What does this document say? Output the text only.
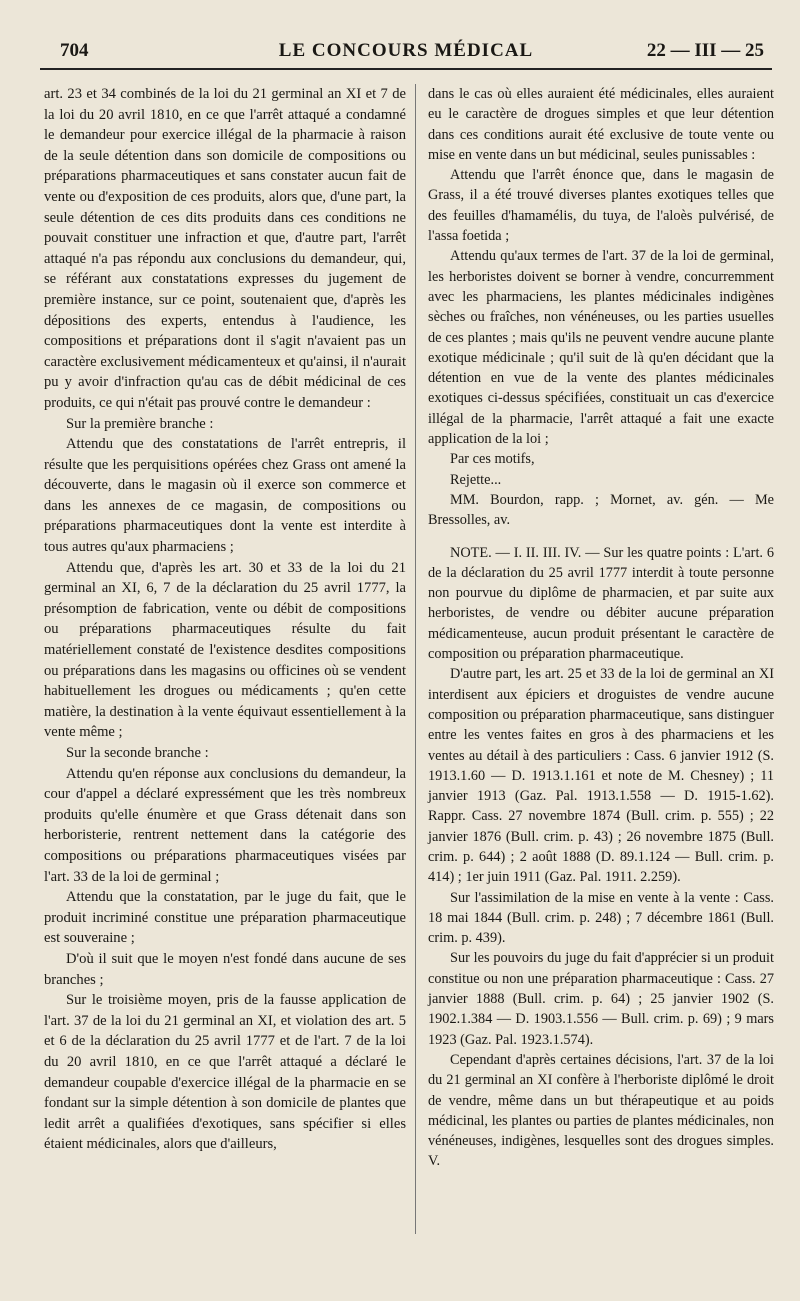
704	LE CONCOURS MÉDICAL	22 — III — 25

art. 23 et 34 combinés de la loi du 21 germinal an XI et 7 de la loi du 20 avril 1810, en ce que l'arrêt attaqué a condamné le demandeur pour exercice illégal de la pharmacie à raison de la seule détention dans son domicile de compositions ou préparations pharmaceutiques et sans constater aucun fait de vente ou d'exposition de ces produits, alors que, d'une part, la seule détention de ces dits produits dans ces conditions ne pouvait constituer une infraction et que, d'autre part, l'arrêt attaqué n'a pas répondu aux conclusions du demandeur, qui, se référant aux constatations expresses du jugement de première instance, sur ce point, soutenaient que, d'après les dépositions des experts, entendus à l'audience, les compositions et préparations dont il s'agit n'avaient pas un caractère exclusivement médicamenteux et qu'ainsi, il n'aurait pu y avoir d'infraction qu'au cas de débit médicinal de ces produits, ce qui n'était pas prouvé contre le demandeur :

Sur la première branche :

Attendu que des constatations de l'arrêt entrepris, il résulte que les perquisitions opérées chez Grass ont amené la découverte, dans le magasin où il exerce son commerce et dans les annexes de ce magasin, de compositions ou préparations pharmaceutiques dont la vente est interdite à tous autres qu'aux pharmaciens ;

Attendu que, d'après les art. 30 et 33 de la loi du 21 germinal an XI, 6, 7 de la déclaration du 25 avril 1777, la présomption de fabrication, vente ou débit de compositions ou préparations pharmaceutiques résulte du fait matériellement constaté de l'existence desdites compositions ou préparations dans les magasins ou officines où se vendent habituellement les drogues ou médicaments ; qu'en cette matière, la destination à la vente équivaut essentiellement à la vente même ;

Sur la seconde branche :

Attendu qu'en réponse aux conclusions du demandeur, la cour d'appel a déclaré expressément que les très nombreux produits qu'elle énumère et que Grass détenait dans son herboristerie, rentrent nettement dans la catégorie des compositions ou préparations pharmaceutiques visées par l'art. 33 de la loi de germinal ;

Attendu que la constatation, par le juge du fait, que le produit incriminé constitue une préparation pharmaceutique est souveraine ;

D'où il suit que le moyen n'est fondé dans aucune de ses branches ;

Sur le troisième moyen, pris de la fausse application de l'art. 37 de la loi du 21 germinal an XI, et violation des art. 5 et 6 de la déclaration du 25 avril 1777 et de l'art. 7 de la loi du 20 avril 1810, en ce que l'arrêt attaqué a déclaré le demandeur coupable d'exercice illégal de la pharmacie en se fondant sur la simple détention à son domicile de plantes que ledit arrêt a qualifiées d'exotiques, sans spécifier si elles étaient médicinales, alors que d'ailleurs,

dans le cas où elles auraient été médicinales, elles auraient eu le caractère de drogues simples et que leur détention dans ces conditions aurait été exclusive de toute vente ou mise en vente dans un but médicinal, seules punissables :

Attendu que l'arrêt énonce que, dans le magasin de Grass, il a été trouvé diverses plantes exotiques telles que des feuilles d'hamamélis, du tuya, de l'aloès pulvérisé, de l'assa foetida ;

Attendu qu'aux termes de l'art. 37 de la loi de germinal, les herboristes doivent se borner à vendre, concurremment avec les pharmaciens, les plantes médicinales indigènes sèches ou fraîches, non vénéneuses, ou les parties usuelles de ces plantes ; mais qu'ils ne peuvent vendre aucune plante exotique médicinale ; qu'il suit de là qu'en décidant que la détention en vue de la vente des plantes médicinales exotiques ci-dessus spécifiées, constituait un cas d'exercice illégal de la pharmacie, l'arrêt attaqué a fait une exacte application de la loi ;

Par ces motifs,

Rejette...

MM. Bourdon, rapp. ; Mornet, av. gén. — Me Bressolles, av.

NOTE. — I. II. III. IV. — Sur les quatre points : L'art. 6 de la déclaration du 25 avril 1777 interdit à toute personne non pourvue du diplôme de pharmacien, et par suite aux herboristes, de vendre ou débiter aucune préparation médicamenteuse, aucun produit présentant le caractère de composition ou préparation pharmaceutique.

D'autre part, les art. 25 et 33 de la loi de germinal an XI interdisent aux épiciers et droguistes de vendre aucune composition ou préparation pharmaceutique, sans distinguer entre les ventes faites en gros à des pharmaciens et les ventes au détail à des particuliers : Cass. 6 janvier 1912 (S. 1913.1.60 — D. 1913.1.161 et note de M. Chesney) ; 11 janvier 1913 (Gaz. Pal. 1913.1.558 — D. 1915-1.62). Rappr. Cass. 27 novembre 1874 (Bull. crim. p. 555) ; 22 janvier 1876 (Bull. crim. p. 43) ; 26 novembre 1875 (Bull. crim. p. 644) ; 2 août 1888 (D. 89.1.124 — Bull. crim. p. 414) ; 1er juin 1911 (Gaz. Pal. 1911. 2.259).

Sur l'assimilation de la mise en vente à la vente : Cass. 18 mai 1844 (Bull. crim. p. 248) ; 7 décembre 1861 (Bull. crim. p. 439).

Sur les pouvoirs du juge du fait d'apprécier si un produit constitue ou non une préparation pharmaceutique : Cass. 27 janvier 1888 (Bull. crim. p. 64) ; 25 janvier 1902 (S. 1902.1.384 — D. 1903.1.556 — Bull. crim. p. 69) ; 9 mars 1923 (Gaz. Pal. 1923.1.574).

Cependant d'après certaines décisions, l'art. 37 de la loi du 21 germinal an XI confère à l'herboriste diplômé le droit de vendre, même dans un but thérapeutique et au poids médicinal, les plantes ou parties de plantes médicinales, non vénéneuses, indigènes, lesquelles sont des drogues simples. V.
